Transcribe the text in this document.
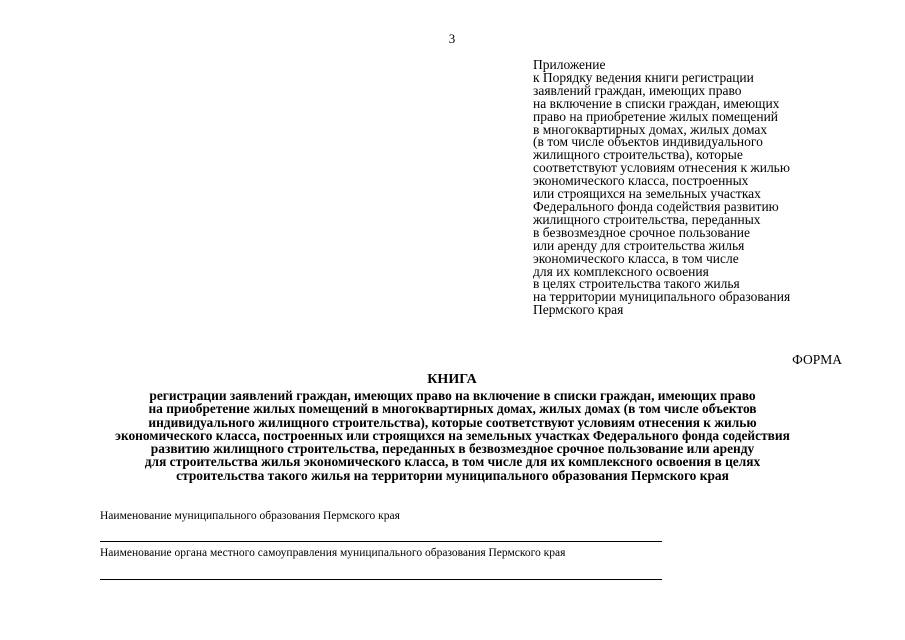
3
Приложение
к Порядку ведения книги регистрации
заявлений граждан, имеющих право
на включение в списки граждан, имеющих
право на приобретение жилых помещений
в многоквартирных домах, жилых домах
(в том числе объектов индивидуального
жилищного строительства), которые
соответствуют условиям отнесения к жилью
экономического класса, построенных
или строящихся на земельных участках
Федерального фонда содействия развитию
жилищного строительства, переданных
в безвозмездное срочное пользование
или аренду для строительства жилья
экономического класса, в том числе
для их комплексного освоения
в целях строительства такого жилья
на территории муниципального образования
Пермского края
ФОРМА
КНИГА
регистрации заявлений граждан, имеющих право на включение в списки граждан, имеющих право
на приобретение жилых помещений в многоквартирных домах, жилых домах (в том числе объектов
индивидуального жилищного строительства), которые соответствуют условиям отнесения к жилью
экономического класса, построенных или строящихся на земельных участках Федерального фонда содействия
развитию жилищного строительства, переданных в безвозмездное срочное пользование или аренду
для строительства жилья экономического класса, в том числе для их комплексного освоения в целях
строительства такого жилья на территории муниципального образования Пермского края
Наименование муниципального образования Пермского края
Наименование органа местного самоуправления муниципального образования Пермского края
